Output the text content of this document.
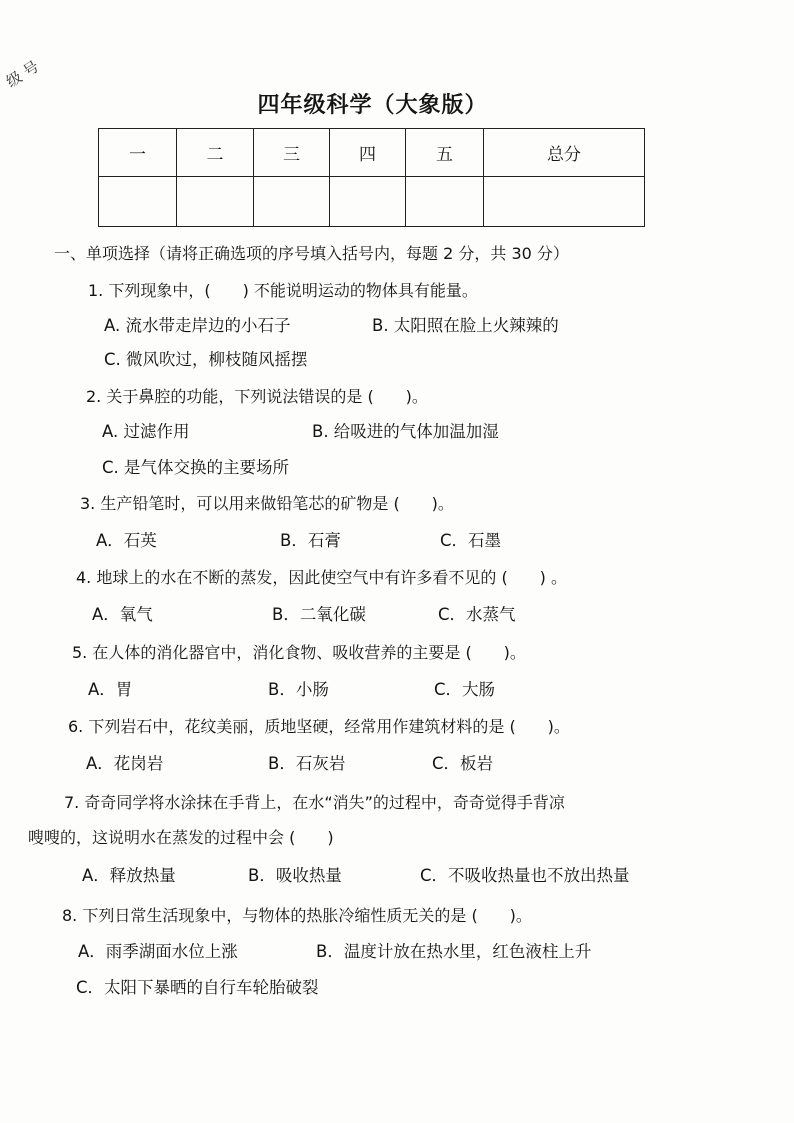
级 号
四年级科学（大象版）
一	二	三	四	五	总分

一、单项选择（请将正确选项的序号填入括号内，每题 2 分，共 30 分）
1. 下列现象中，(　　) 不能说明运动的物体具有能量。
A. 流水带走岸边的小石子	B. 太阳照在脸上火辣辣的
C. 微风吹过，柳枝随风摇摆
2. 关于鼻腔的功能，下列说法错误的是 (　　)。
A. 过滤作用	B. 给吸进的气体加温加湿
C. 是气体交换的主要场所
3. 生产铅笔时，可以用来做铅笔芯的矿物是 (　　)。
A．石英	B．石膏	C．石墨
4. 地球上的水在不断的蒸发，因此使空气中有许多看不见的 (　　) 。
A．氧气	B．二氧化碳	C．水蒸气
5. 在人体的消化器官中，消化食物、吸收营养的主要是 (　　)。
A．胃	B．小肠	C．大肠
6. 下列岩石中，花纹美丽，质地坚硬，经常用作建筑材料的是 (　　)。
A．花岗岩	B．石灰岩	C．板岩
7. 奇奇同学将水涂抹在手背上，在水“消失”的过程中，奇奇觉得手背凉
嗖嗖的，这说明水在蒸发的过程中会 (　　)
A．释放热量	B．吸收热量	C．不吸收热量也不放出热量
8. 下列日常生活现象中，与物体的热胀冷缩性质无关的是 (　　)。
A．雨季湖面水位上涨	B．温度计放在热水里，红色液柱上升
C．太阳下暴晒的自行车轮胎破裂
